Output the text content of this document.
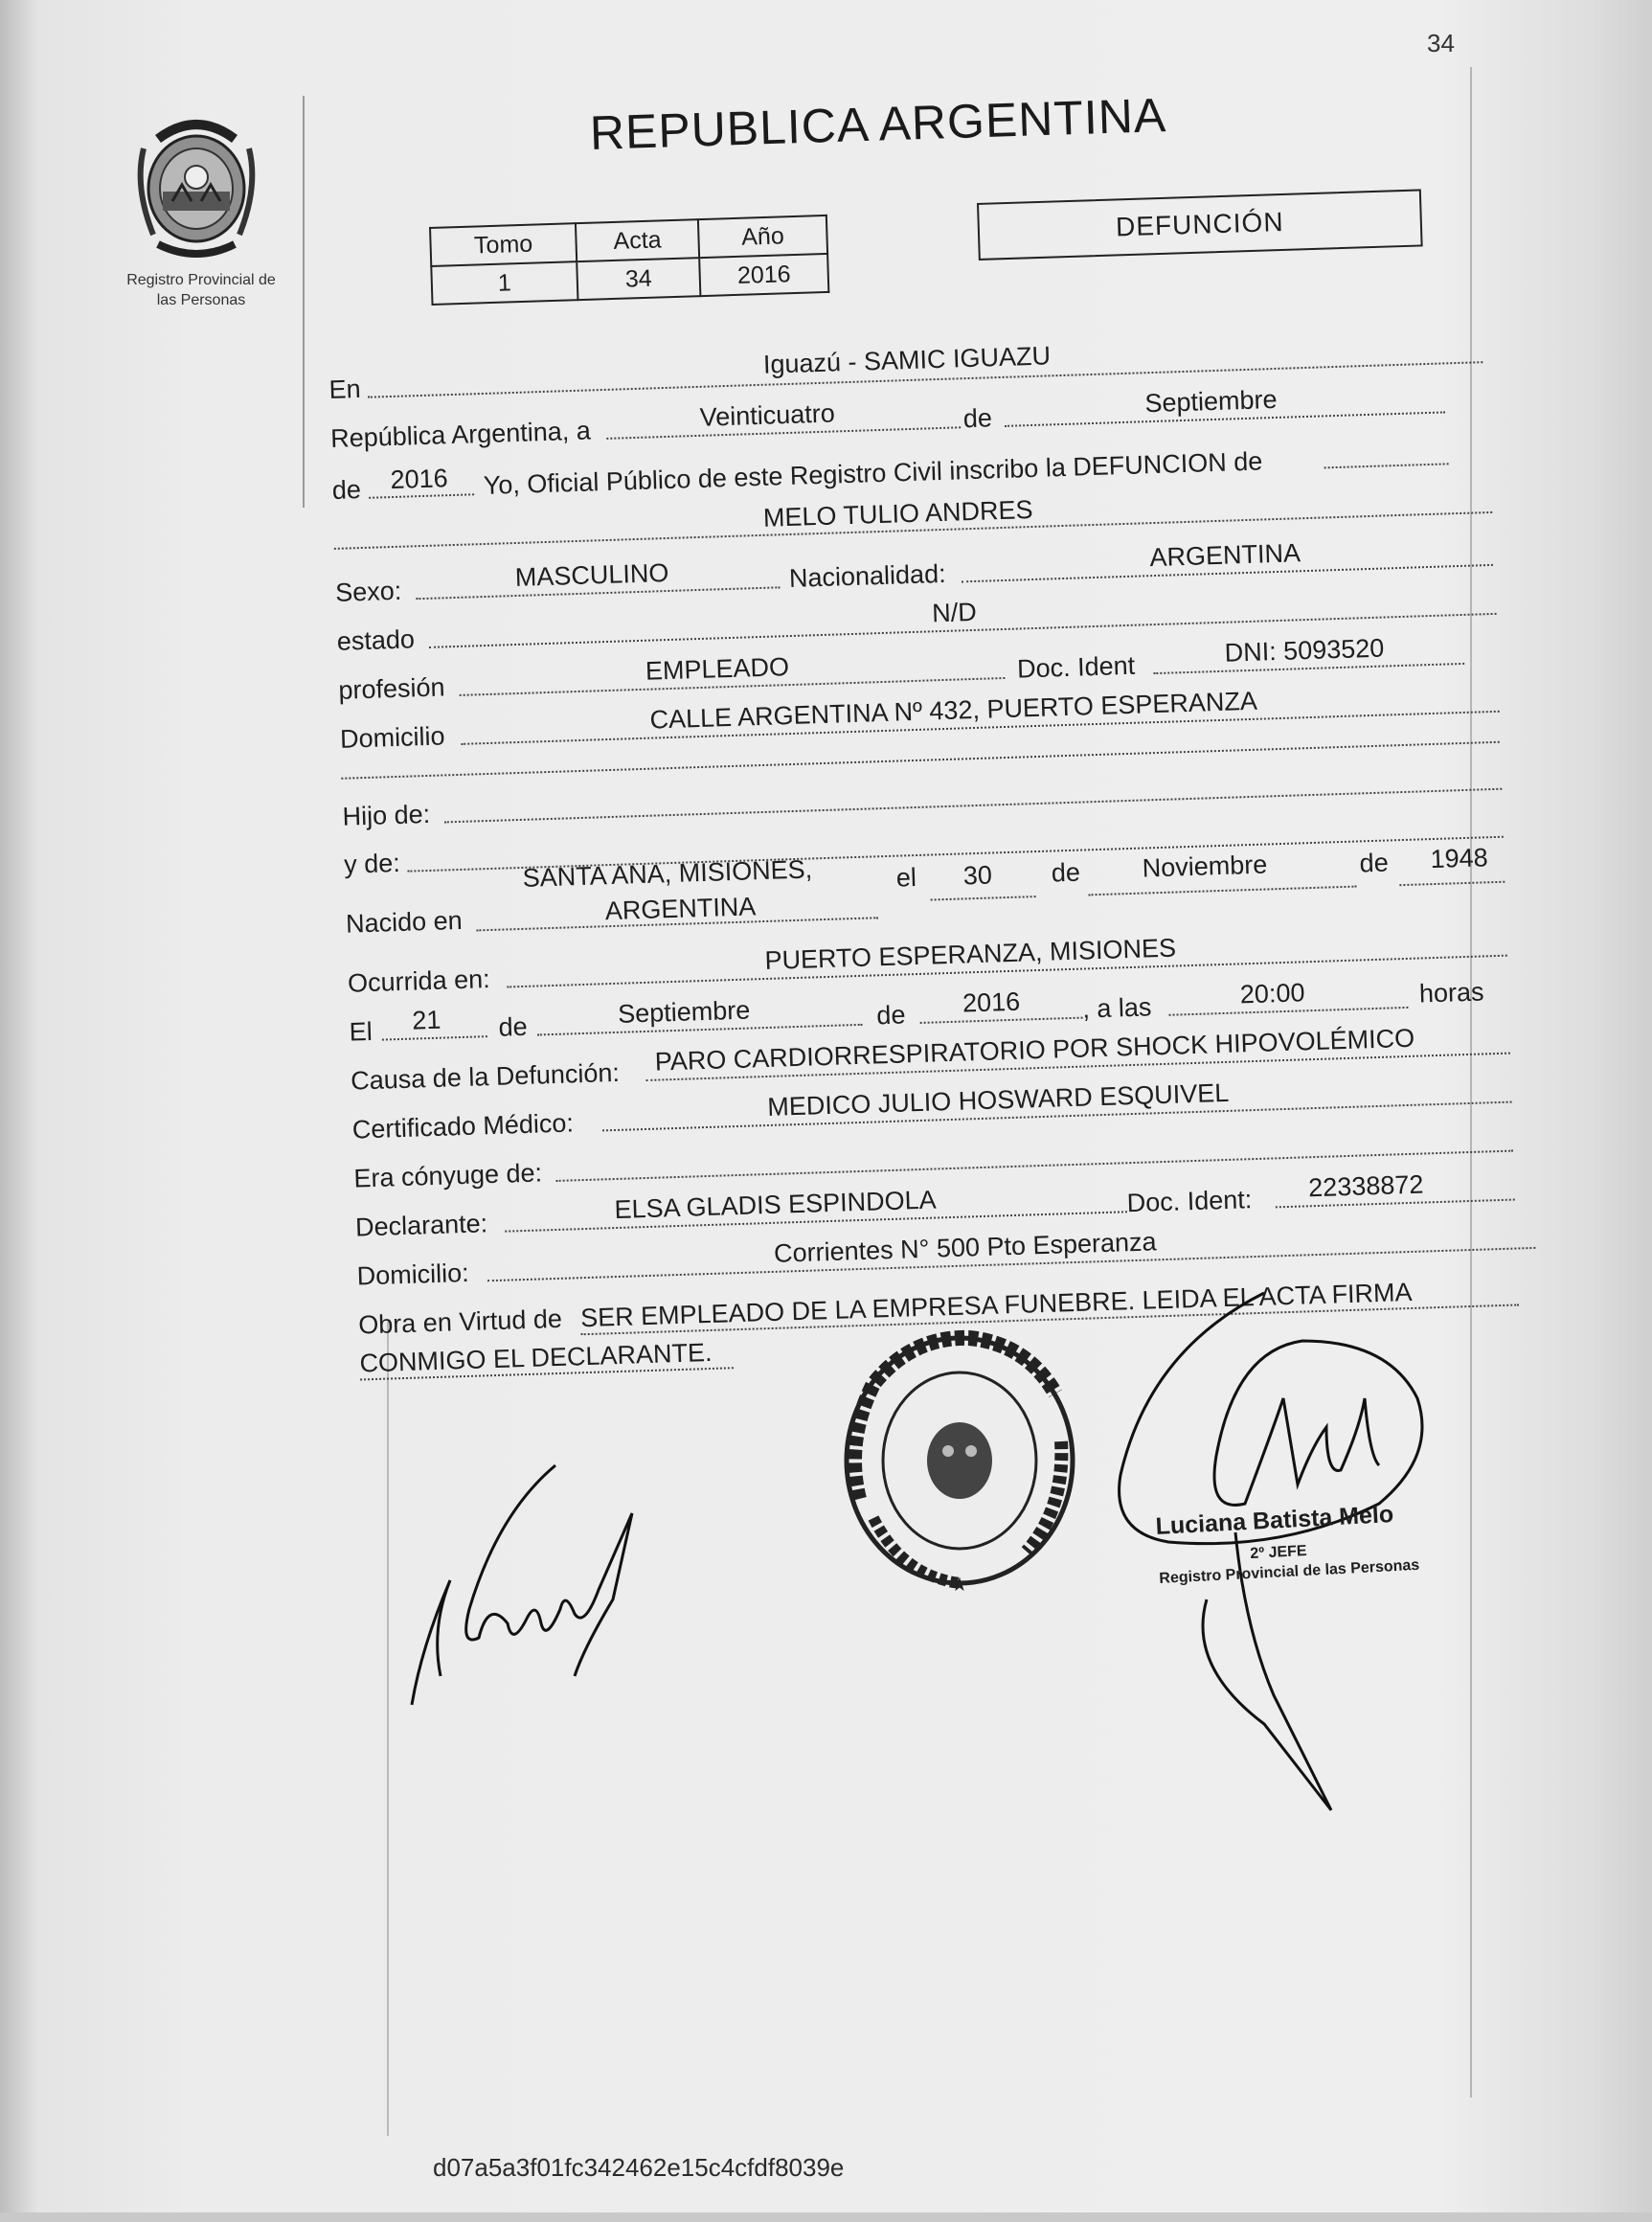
34
Registro Provincial de
las Personas
REPUBLICA ARGENTINA
Tomo	Acta	Año
1	34	2016
DEFUNCIÓN
En
Iguazú - SAMIC IGUAZU
República Argentina, a
Veinticuatro	de
Septiembre
de 2016 Yo, Oficial Público de este Registro Civil inscribo la DEFUNCION de
MELO TULIO ANDRES
Sexo:	MASCULINO	Nacionalidad:
ARGENTINA
estado
N/D
profesión
EMPLEADO	Doc. Ident	DNI: 5093520
Domicilio
CALLE ARGENTINA Nº 432, PUERTO ESPERANZA
Hijo de:
y de:	SANTA ANA, MISIONES,
Nacido en	ARGENTINA
el 30 de Noviembre	de 1948
Ocurrida en:
PUERTO ESPERANZA, MISIONES
El 21 de	Septiembre	de 2016 , a las	20:00	horas
Causa de la Defunción:
PARO CARDIORRESPIRATORIO POR SHOCK HIPOVOLÉMICO
Certificado Médico:
MEDICO JULIO HOSWARD ESQUIVEL
Era cónyuge de:
Declarante:
ELSA GLADIS ESPINDOLA	Doc. Ident: 22338872
Domicilio:
Corrientes N° 500 Pto Esperanza
Obra en Virtud de SER EMPLEADO DE LA EMPRESA FUNEBRE. LEIDA EL ACTA FIRMA
CONMIGO EL DECLARANTE.
★
Luciana Batista Melo
2º JEFE
Registro Provincial de las Personas
d07a5a3f01fc342462e15c4cfdf8039e
